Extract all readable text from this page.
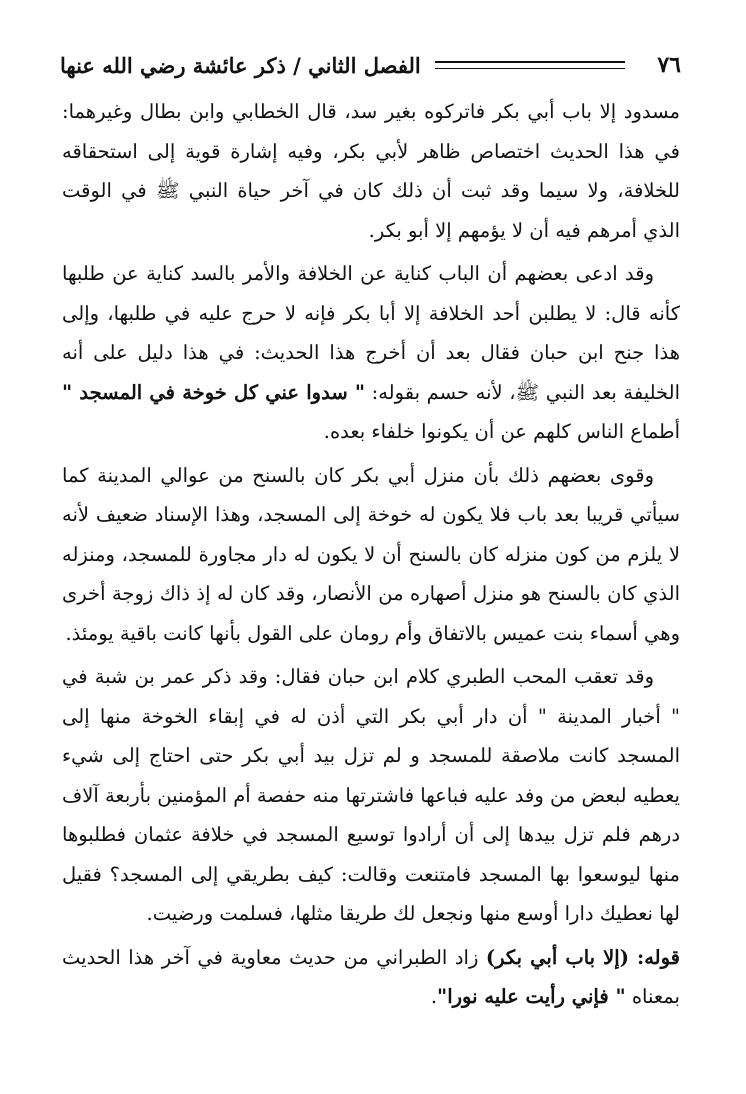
٧٦
الفصل الثاني / ذكر عائشة رضي الله عنها

مسدود إلا باب أبي بكر فاتركوه بغير سد، قال الخطابي وابن بطال وغيرهما: في هذا الحديث اختصاص ظاهر لأبي بكر، وفيه إشارة قوية إلى استحقاقه للخلافة، ولا سيما وقد ثبت أن ذلك كان في آخر حياة النبي ﷺ في الوقت الذي أمرهم فيه أن لا يؤمهم إلا أبو بكر.

وقد ادعى بعضهم أن الباب كناية عن الخلافة والأمر بالسد كناية عن طلبها كأنه قال: لا يطلبن أحد الخلافة إلا أبا بكر فإنه لا حرج عليه في طلبها، وإلى هذا جنح ابن حبان فقال بعد أن أخرج هذا الحديث: في هذا دليل على أنه الخليفة بعد النبي ﷺ، لأنه حسم بقوله: " سدوا عني كل خوخة في المسجد " أطماع الناس كلهم عن أن يكونوا خلفاء بعده.

وقوى بعضهم ذلك بأن منزل أبي بكر كان بالسنح من عوالي المدينة كما سيأتي قريبا بعد باب فلا يكون له خوخة إلى المسجد، وهذا الإسناد ضعيف لأنه لا يلزم من كون منزله كان بالسنح أن لا يكون له دار مجاورة للمسجد، ومنزله الذي كان بالسنح هو منزل أصهاره من الأنصار، وقد كان له إذ ذاك زوجة أخرى وهي أسماء بنت عميس بالاتفاق وأم رومان على القول بأنها كانت باقية يومئذ.

وقد تعقب المحب الطبري كلام ابن حبان فقال: وقد ذكر عمر بن شبة في " أخبار المدينة " أن دار أبي بكر التي أذن له في إبقاء الخوخة منها إلى المسجد كانت ملاصقة للمسجد و لم تزل بيد أبي بكر حتى احتاج إلى شيء يعطيه لبعض من وفد عليه فباعها فاشترتها منه حفصة أم المؤمنين بأربعة آلاف درهم فلم تزل بيدها إلى أن أرادوا توسيع المسجد في خلافة عثمان فطلبوها منها ليوسعوا بها المسجد فامتنعت وقالت: كيف بطريقي إلى المسجد؟ فقيل لها نعطيك دارا أوسع منها ونجعل لك طريقا مثلها، فسلمت ورضيت.

قوله: (إلا باب أبي بكر) زاد الطبراني من حديث معاوية في آخر هذا الحديث بمعناه " فإني رأيت عليه نورا".
